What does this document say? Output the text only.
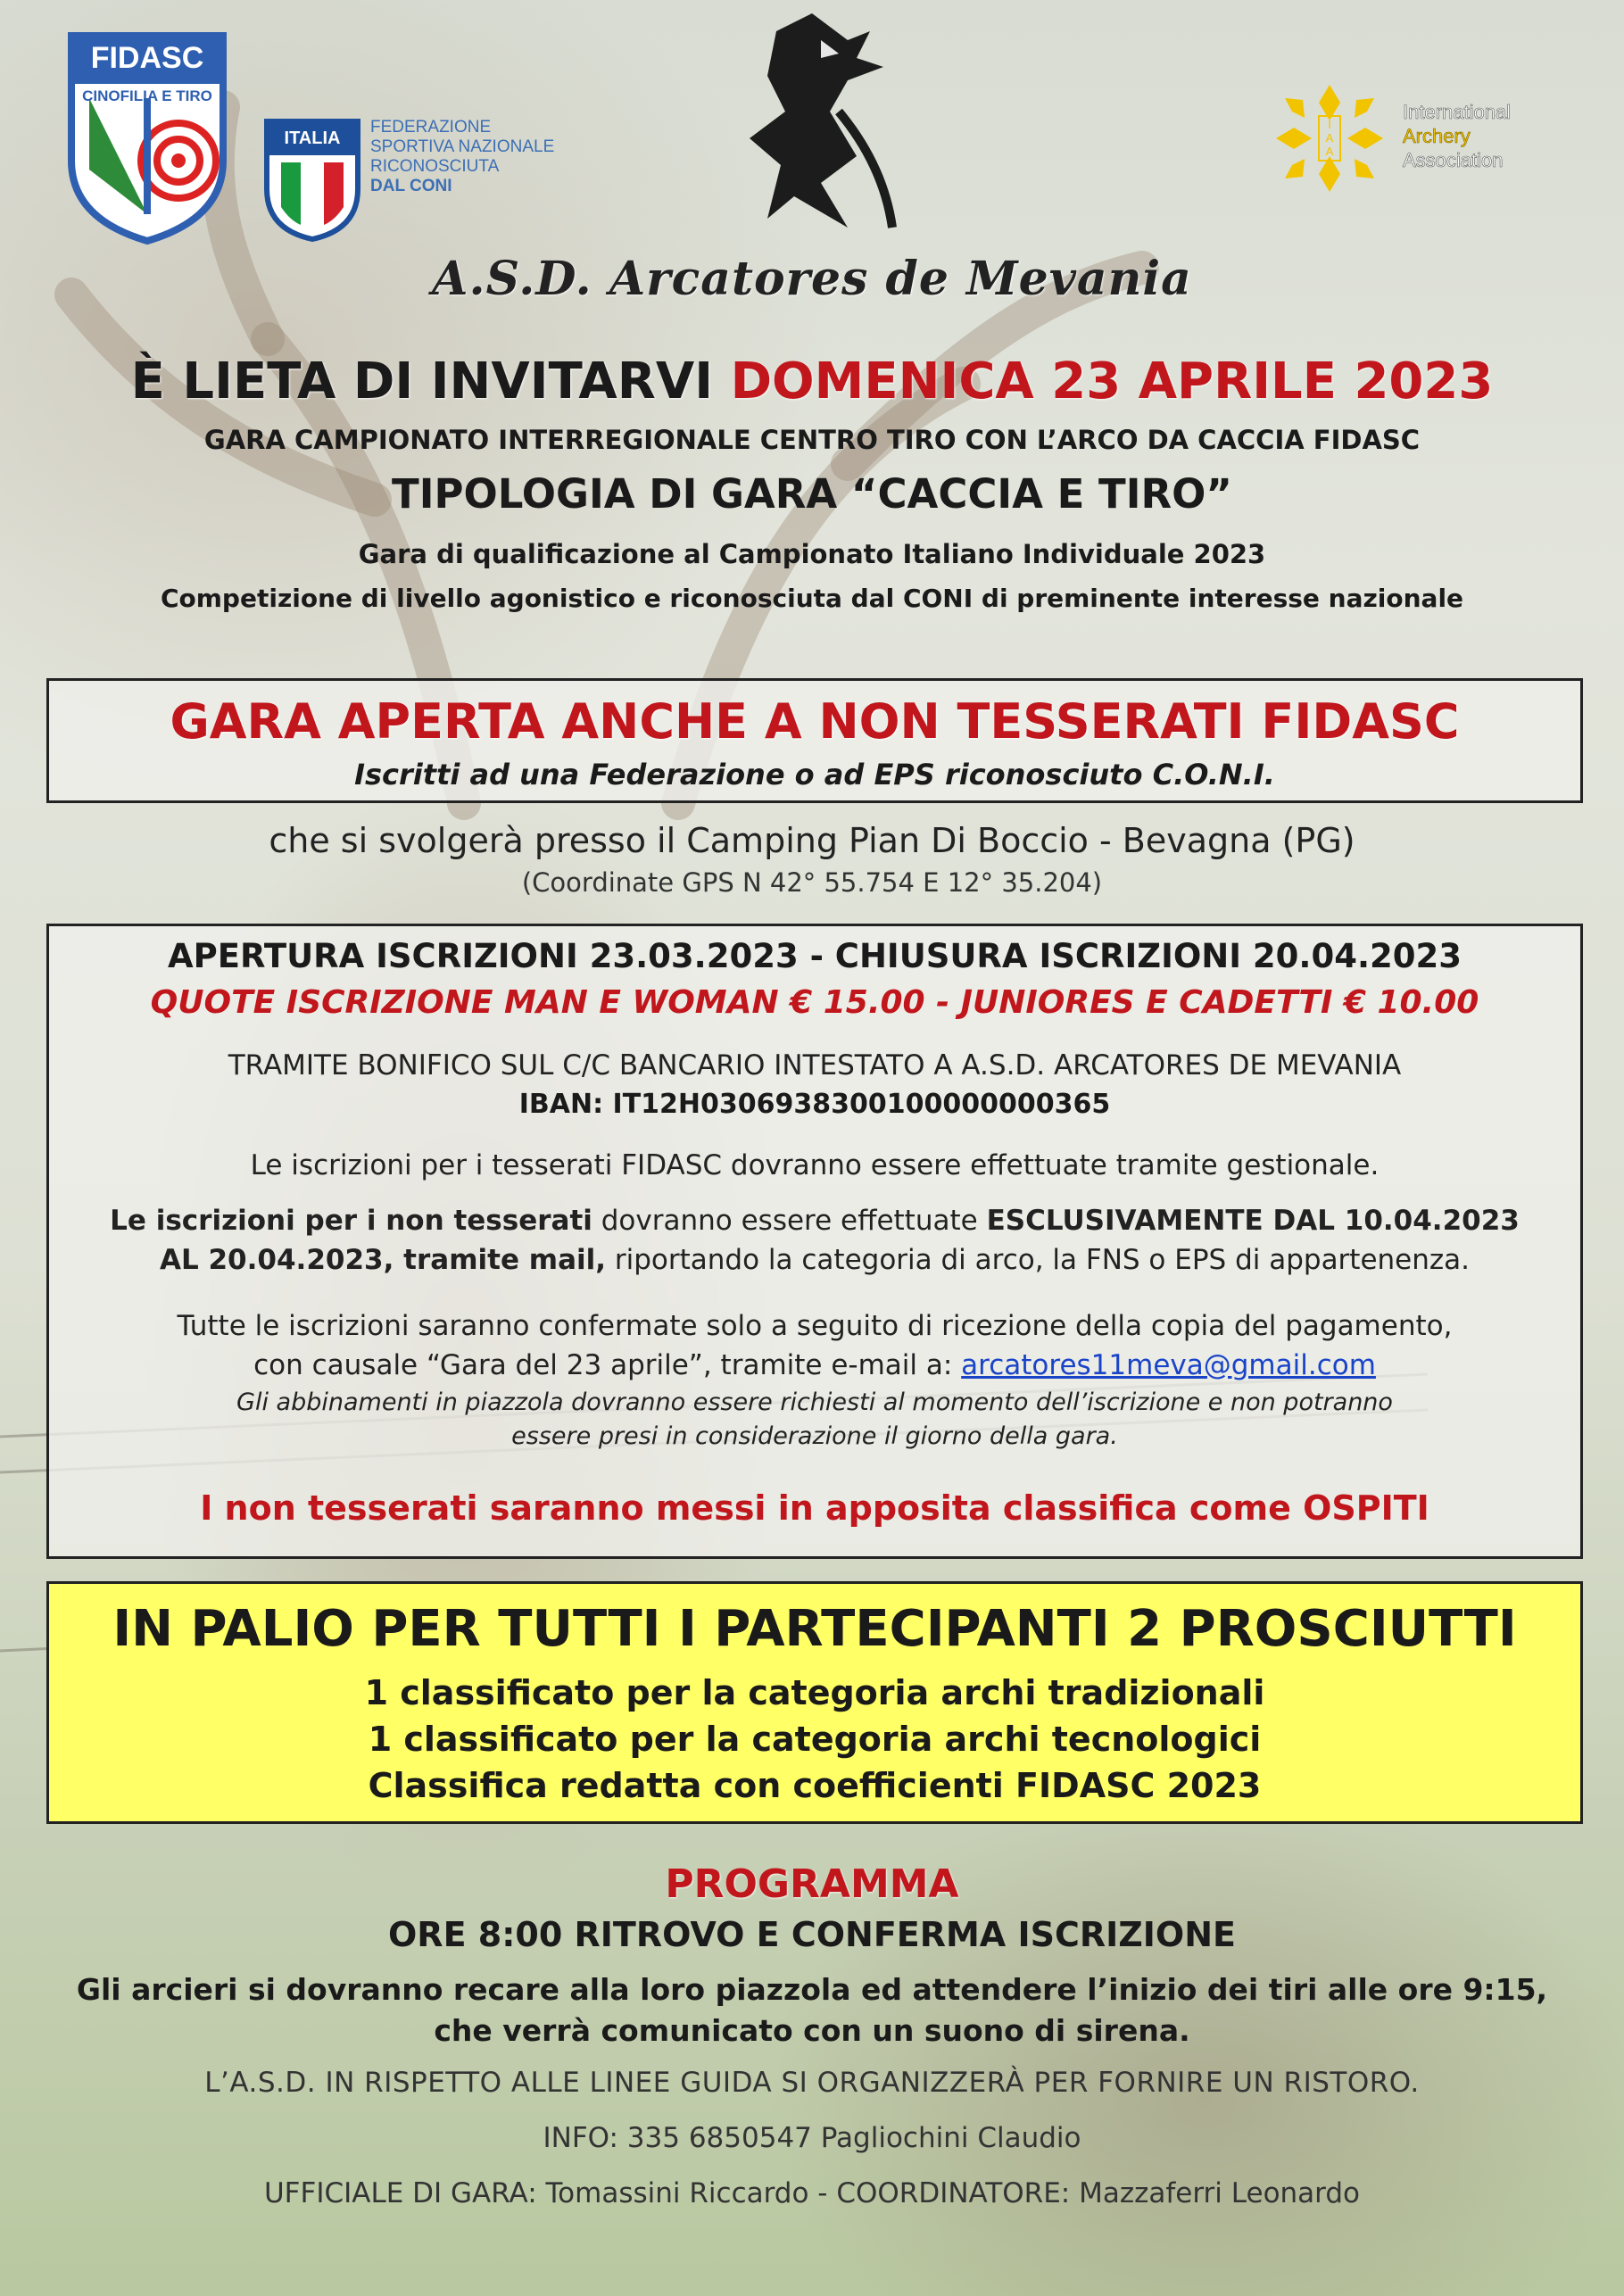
FIDASC
CINOFILIA E TIRO
ITALIA
FEDERAZIONE
SPORTIVA NAZIONALE
RICONOSCIUTA
DAL CONI
I
A
A
International
Archery
Association
A.S.D. Arcatores de Mevania
È LIETA DI INVITARVI DOMENICA 23 APRILE 2023
GARA CAMPIONATO INTERREGIONALE CENTRO TIRO CON L’ARCO DA CACCIA FIDASC
TIPOLOGIA DI GARA “CACCIA E TIRO”
Gara di qualificazione al Campionato Italiano Individuale 2023
Competizione di livello agonistico e riconosciuta dal CONI di preminente interesse nazionale
GARA APERTA ANCHE A NON TESSERATI FIDASC
Iscritti ad una Federazione o ad EPS riconosciuto C.O.N.I.
che si svolgerà presso il Camping Pian Di Boccio - Bevagna (PG)
(Coordinate GPS N 42° 55.754 E 12° 35.204)
APERTURA ISCRIZIONI 23.03.2023 - CHIUSURA ISCRIZIONI 20.04.2023
QUOTE ISCRIZIONE MAN E WOMAN € 15.00 - JUNIORES E CADETTI € 10.00
TRAMITE BONIFICO SUL C/C BANCARIO INTESTATO A A.S.D. ARCATORES DE MEVANIA
IBAN: IT12H0306938300100000000365
Le iscrizioni per i tesserati FIDASC dovranno essere effettuate tramite gestionale.
Le iscrizioni per i non tesserati dovranno essere effettuate ESCLUSIVAMENTE DAL 10.04.2023
AL 20.04.2023, tramite mail, riportando la categoria di arco, la FNS o EPS di appartenenza.
Tutte le iscrizioni saranno confermate solo a seguito di ricezione della copia del pagamento,
con causale “Gara del 23 aprile”, tramite e-mail a: arcatores11meva@gmail.com
Gli abbinamenti in piazzola dovranno essere richiesti al momento dell’iscrizione e non potranno
essere presi in considerazione il giorno della gara.
I non tesserati saranno messi in apposita classifica come OSPITI
IN PALIO PER TUTTI I PARTECIPANTI 2 PROSCIUTTI
1 classificato per la categoria archi tradizionali
1 classificato per la categoria archi tecnologici
Classifica redatta con coefficienti FIDASC 2023
PROGRAMMA
ORE 8:00 RITROVO E CONFERMA ISCRIZIONE
Gli arcieri si dovranno recare alla loro piazzola ed attendere l’inizio dei tiri alle ore 9:15,
che verrà comunicato con un suono di sirena.
L’A.S.D. IN RISPETTO ALLE LINEE GUIDA SI ORGANIZZERÀ PER FORNIRE UN RISTORO.
INFO: 335 6850547 Pagliochini Claudio
UFFICIALE DI GARA: Tomassini Riccardo - COORDINATORE: Mazzaferri Leonardo
